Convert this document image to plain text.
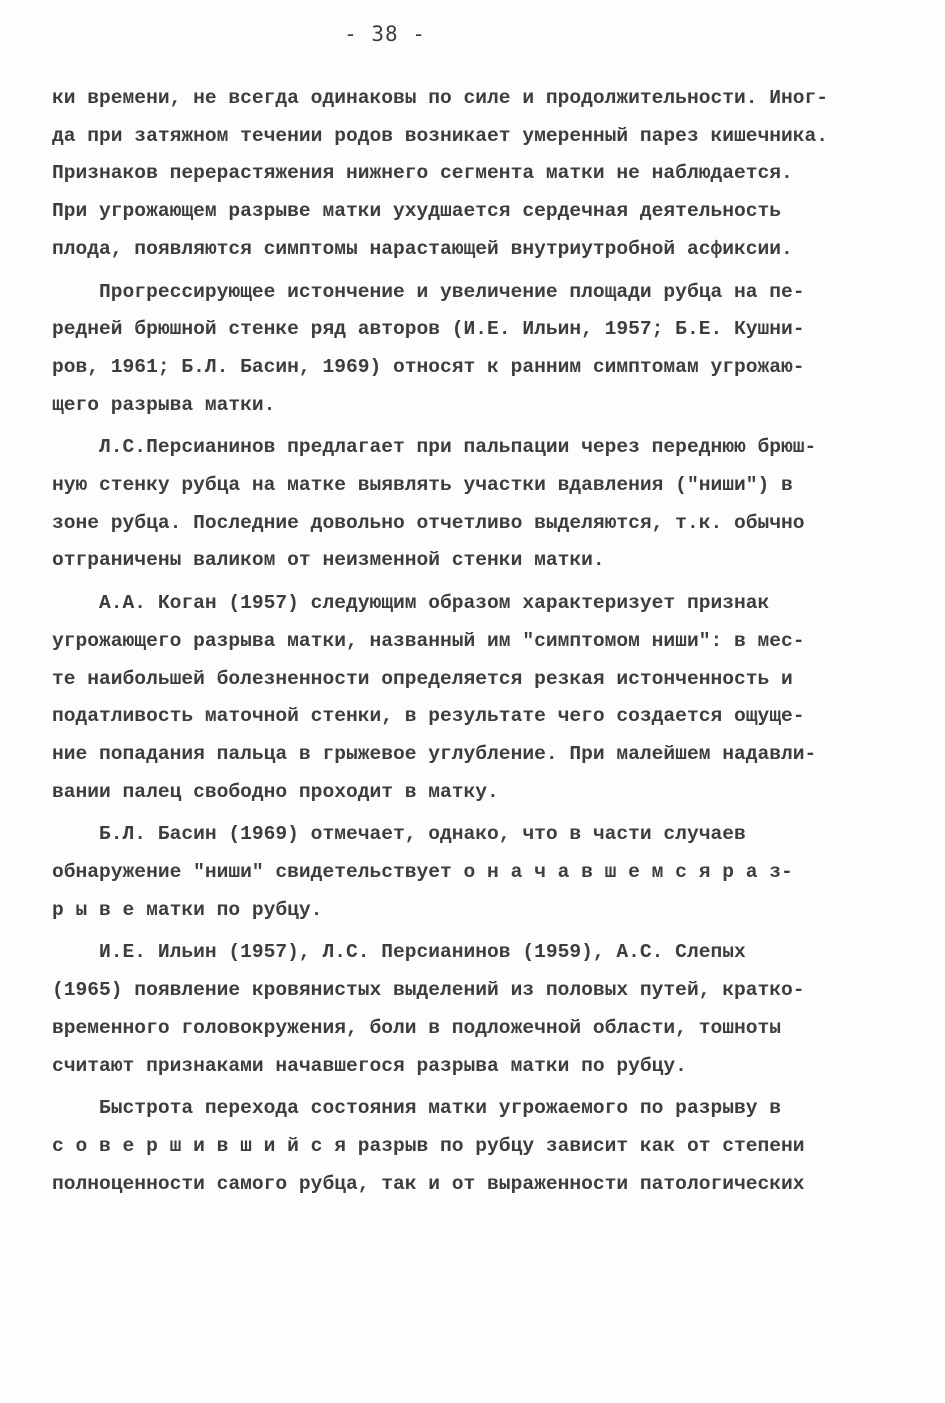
- 38 -
ки времени, не всегда одинаковы по силе и продолжительности. Иног-
да при затяжном течении родов возникает умеренный парез кишечника.
Признаков перерастяжения нижнего сегмента матки не наблюдается.
При угрожающем разрыве матки ухудшается сердечная деятельность
плода, появляются симптомы нарастающей внутриутробной асфиксии.
Прогрессирующее истончение и увеличение площади рубца на пе-
редней брюшной стенке ряд авторов (И.Е. Ильин, 1957; Б.Е. Кушни-
ров, 1961; Б.Л. Басин, 1969) относят к ранним симптомам угрожаю-
щего разрыва матки.
Л.С.Персианинов предлагает при пальпации через переднюю брюш-
ную стенку рубца на матке выявлять участки вдавления ("ниши") в
зоне рубца. Последние довольно отчетливо выделяются, т.к. обычно
отграничены валиком от неизменной стенки матки.
А.А. Коган (1957) следующим образом характеризует признак
угрожающего разрыва матки, названный им "симптомом ниши": в мес-
те наибольшей болезненности определяется резкая истонченность и
податливость маточной стенки, в результате чего создается ощуще-
ние попадания пальца в грыжевое углубление. При малейшем надавли-
вании палец свободно проходит в матку.
Б.Л. Басин (1969) отмечает, однако, что в части случаев
обнаружение "ниши" свидетельствует о н а ч а в ш е м с я р а з-
р ы в е матки по рубцу.
И.Е. Ильин (1957), Л.С. Персианинов (1959), А.С. Слепых
(1965) появление кровянистых выделений из половых путей, кратко-
временного головокружения, боли в подложечной области, тошноты
считают признаками начавшегося разрыва матки по рубцу.
Быстрота перехода состояния матки угрожаемого по разрыву в
с о в е р ш и в ш и й с я разрыв по рубцу зависит как от степени
полноценности самого рубца, так и от выраженности патологических
